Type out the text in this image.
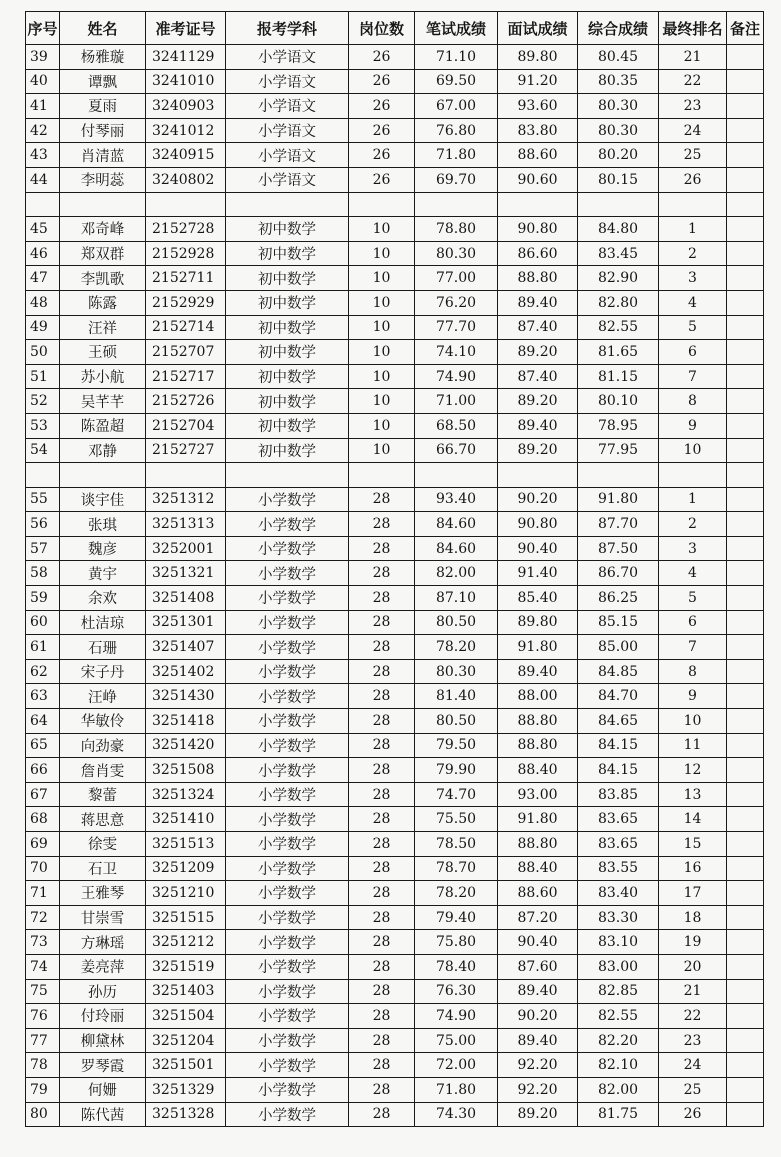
序号	姓名	准考证号	报考学科	岗位数	笔试成绩	面试成绩	综合成绩	最终排名	备注
39	杨雅璇	3241129	小学语文	26	71.10	89.80	80.45	21	
40	谭飘	3241010	小学语文	26	69.50	91.20	80.35	22	
41	夏雨	3240903	小学语文	26	67.00	93.60	80.30	23	
42	付琴丽	3241012	小学语文	26	76.80	83.80	80.30	24	
43	肖清蓝	3240915	小学语文	26	71.80	88.60	80.20	25	
44	李明蕊	3240802	小学语文	26	69.70	90.60	80.15	26	

45	邓奇峰	2152728	初中数学	10	78.80	90.80	84.80	1	
46	郑双群	2152928	初中数学	10	80.30	86.60	83.45	2	
47	李凯歌	2152711	初中数学	10	77.00	88.80	82.90	3	
48	陈露	2152929	初中数学	10	76.20	89.40	82.80	4	
49	汪祥	2152714	初中数学	10	77.70	87.40	82.55	5	
50	王硕	2152707	初中数学	10	74.10	89.20	81.65	6	
51	苏小航	2152717	初中数学	10	74.90	87.40	81.15	7	
52	吴芊芊	2152726	初中数学	10	71.00	89.20	80.10	8	
53	陈盈超	2152704	初中数学	10	68.50	89.40	78.95	9	
54	邓静	2152727	初中数学	10	66.70	89.20	77.95	10	

55	谈宇佳	3251312	小学数学	28	93.40	90.20	91.80	1	
56	张琪	3251313	小学数学	28	84.60	90.80	87.70	2	
57	魏彦	3252001	小学数学	28	84.60	90.40	87.50	3	
58	黄宇	3251321	小学数学	28	82.00	91.40	86.70	4	
59	余欢	3251408	小学数学	28	87.10	85.40	86.25	5	
60	杜洁琼	3251301	小学数学	28	80.50	89.80	85.15	6	
61	石珊	3251407	小学数学	28	78.20	91.80	85.00	7	
62	宋子丹	3251402	小学数学	28	80.30	89.40	84.85	8	
63	汪峥	3251430	小学数学	28	81.40	88.00	84.70	9	
64	华敏伶	3251418	小学数学	28	80.50	88.80	84.65	10	
65	向劲豪	3251420	小学数学	28	79.50	88.80	84.15	11	
66	詹肖雯	3251508	小学数学	28	79.90	88.40	84.15	12	
67	黎蕾	3251324	小学数学	28	74.70	93.00	83.85	13	
68	蒋思意	3251410	小学数学	28	75.50	91.80	83.65	14	
69	徐雯	3251513	小学数学	28	78.50	88.80	83.65	15	
70	石卫	3251209	小学数学	28	78.70	88.40	83.55	16	
71	王雅琴	3251210	小学数学	28	78.20	88.60	83.40	17	
72	甘崇雪	3251515	小学数学	28	79.40	87.20	83.30	18	
73	方琳瑶	3251212	小学数学	28	75.80	90.40	83.10	19	
74	姜亮萍	3251519	小学数学	28	78.40	87.60	83.00	20	
75	孙历	3251403	小学数学	28	76.30	89.40	82.85	21	
76	付玲丽	3251504	小学数学	28	74.90	90.20	82.55	22	
77	柳黛林	3251204	小学数学	28	75.00	89.40	82.20	23	
78	罗琴霞	3251501	小学数学	28	72.00	92.20	82.10	24	
79	何姗	3251329	小学数学	28	71.80	92.20	82.00	25	
80	陈代茜	3251328	小学数学	28	74.30	89.20	81.75	26	
